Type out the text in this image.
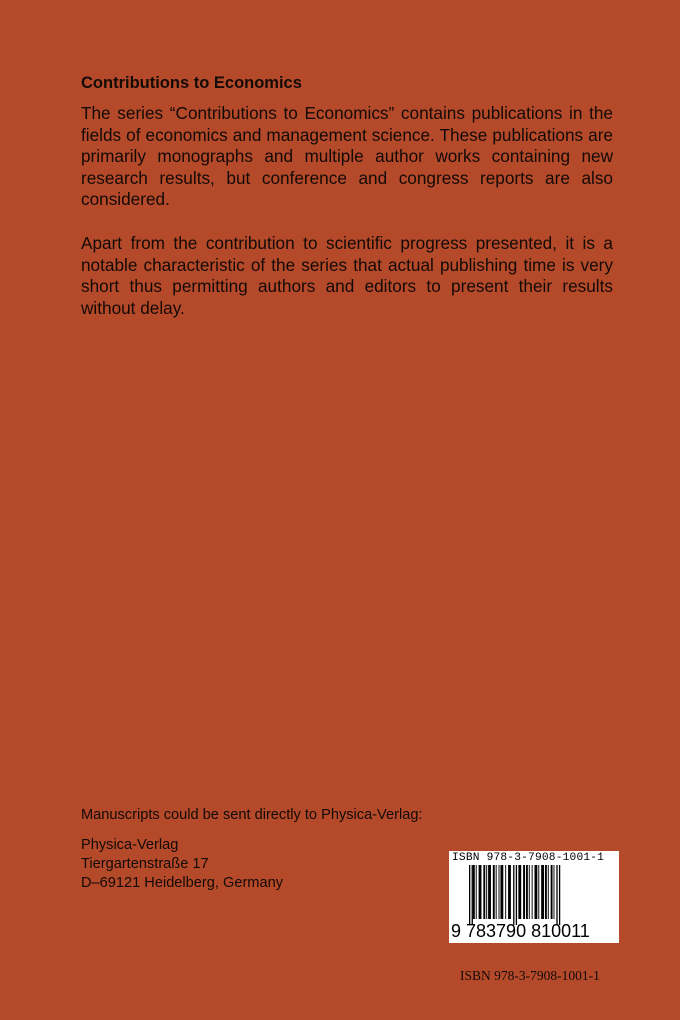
Contributions to Economics

The series “Contributions to Economics” contains publications in the fields of economics and management science. These publications are primarily monographs and multiple author works containing new research results, but conference and congress reports are also considered.

Apart from the contribution to scientific progress presented, it is a notable characteristic of the series that actual publishing time is very short thus permitting authors and editors to present their results without delay.

Manuscripts could be sent directly to Physica-Verlag:

Physica-Verlag
Tiergartenstraße 17
D–69121 Heidelberg, Germany
ISBN 978-3-7908-1001-1
9 783790 810011
ISBN 978-3-7908-1001-1
